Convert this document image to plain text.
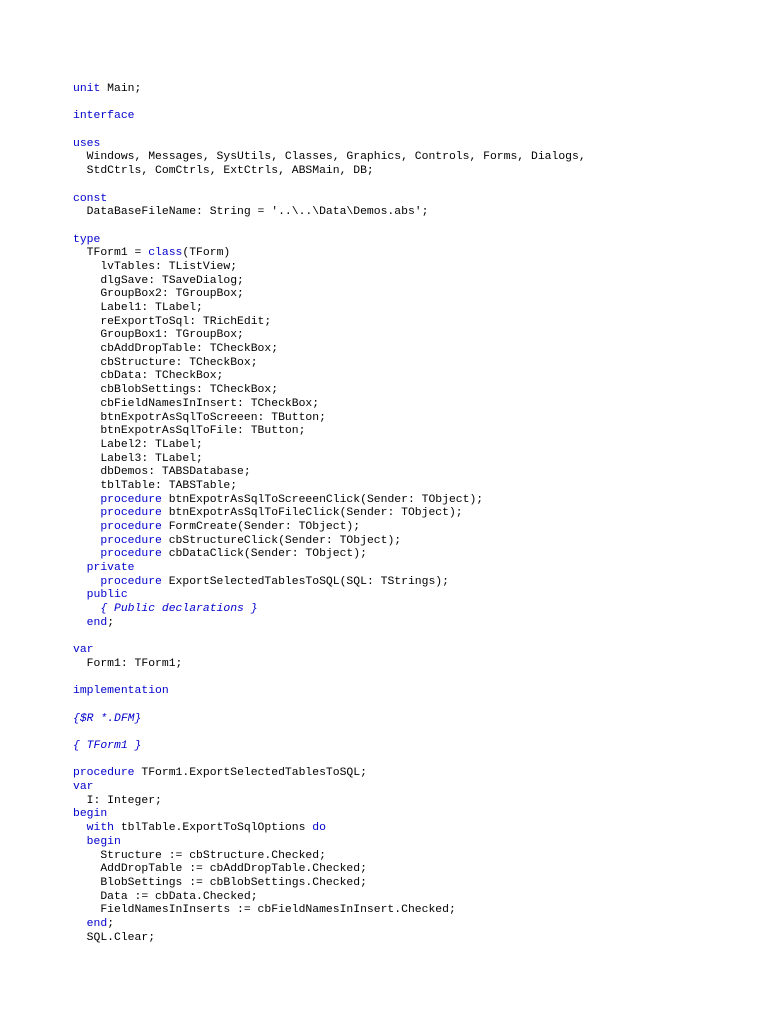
unit Main;
interface
uses
Windows, Messages, SysUtils, Classes, Graphics, Controls, Forms, Dialogs,
StdCtrls, ComCtrls, ExtCtrls, ABSMain, DB;
const
DataBaseFileName: String = '..\..\Data\Demos.abs';
type
TForm1 = class(TForm)
lvTables: TListView;
dlgSave: TSaveDialog;
GroupBox2: TGroupBox;
Label1: TLabel;
reExportToSql: TRichEdit;
GroupBox1: TGroupBox;
cbAddDropTable: TCheckBox;
cbStructure: TCheckBox;
cbData: TCheckBox;
cbBlobSettings: TCheckBox;
cbFieldNamesInInsert: TCheckBox;
btnExpotrAsSqlToScreeen: TButton;
btnExpotrAsSqlToFile: TButton;
Label2: TLabel;
Label3: TLabel;
dbDemos: TABSDatabase;
tblTable: TABSTable;
procedure btnExpotrAsSqlToScreeenClick(Sender: TObject);
procedure btnExpotrAsSqlToFileClick(Sender: TObject);
procedure FormCreate(Sender: TObject);
procedure cbStructureClick(Sender: TObject);
procedure cbDataClick(Sender: TObject);
private
procedure ExportSelectedTablesToSQL(SQL: TStrings);
public
{ Public declarations }
end;
var
Form1: TForm1;
implementation
{$R *.DFM}
{ TForm1 }
procedure TForm1.ExportSelectedTablesToSQL;
var
I: Integer;
begin
with tblTable.ExportToSqlOptions do
begin
Structure := cbStructure.Checked;
AddDropTable := cbAddDropTable.Checked;
BlobSettings := cbBlobSettings.Checked;
Data := cbData.Checked;
FieldNamesInInserts := cbFieldNamesInInsert.Checked;
end;
SQL.Clear;
